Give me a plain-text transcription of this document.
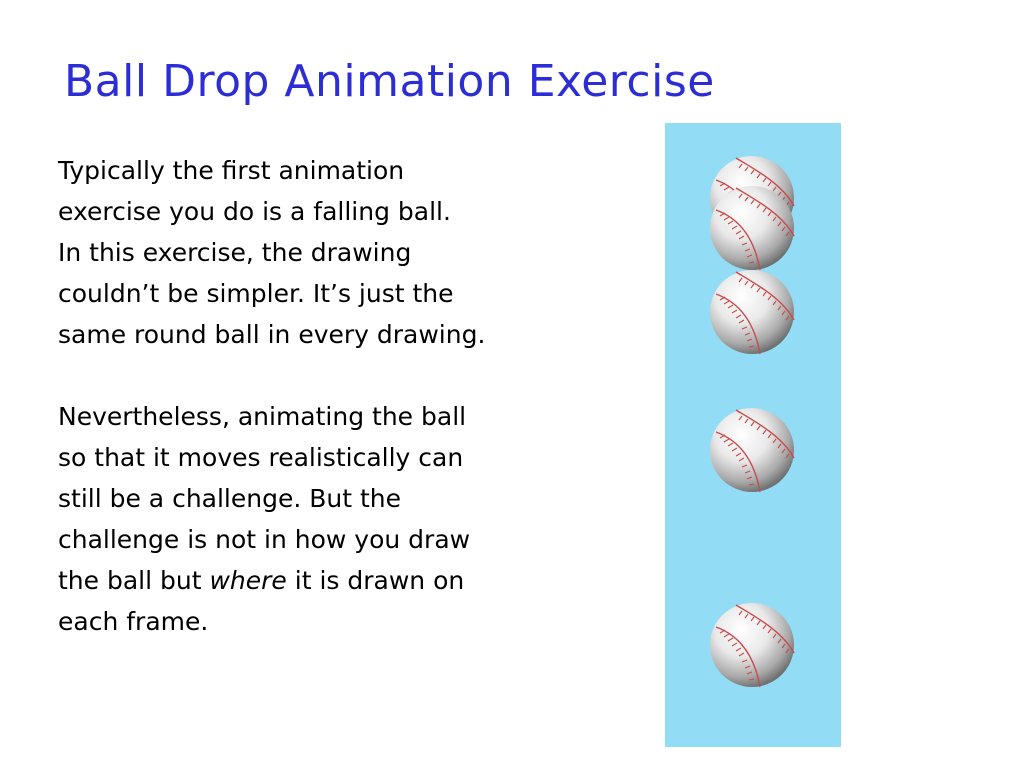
Ball Drop Animation Exercise

Typically the first animation
exercise you do is a falling ball.
In this exercise, the drawing
couldn’t be simpler. It’s just the
same round ball in every drawing.

Nevertheless, animating the ball
so that it moves realistically can
still be a challenge. But the
challenge is not in how you draw
the ball but where it is drawn on
each frame.
